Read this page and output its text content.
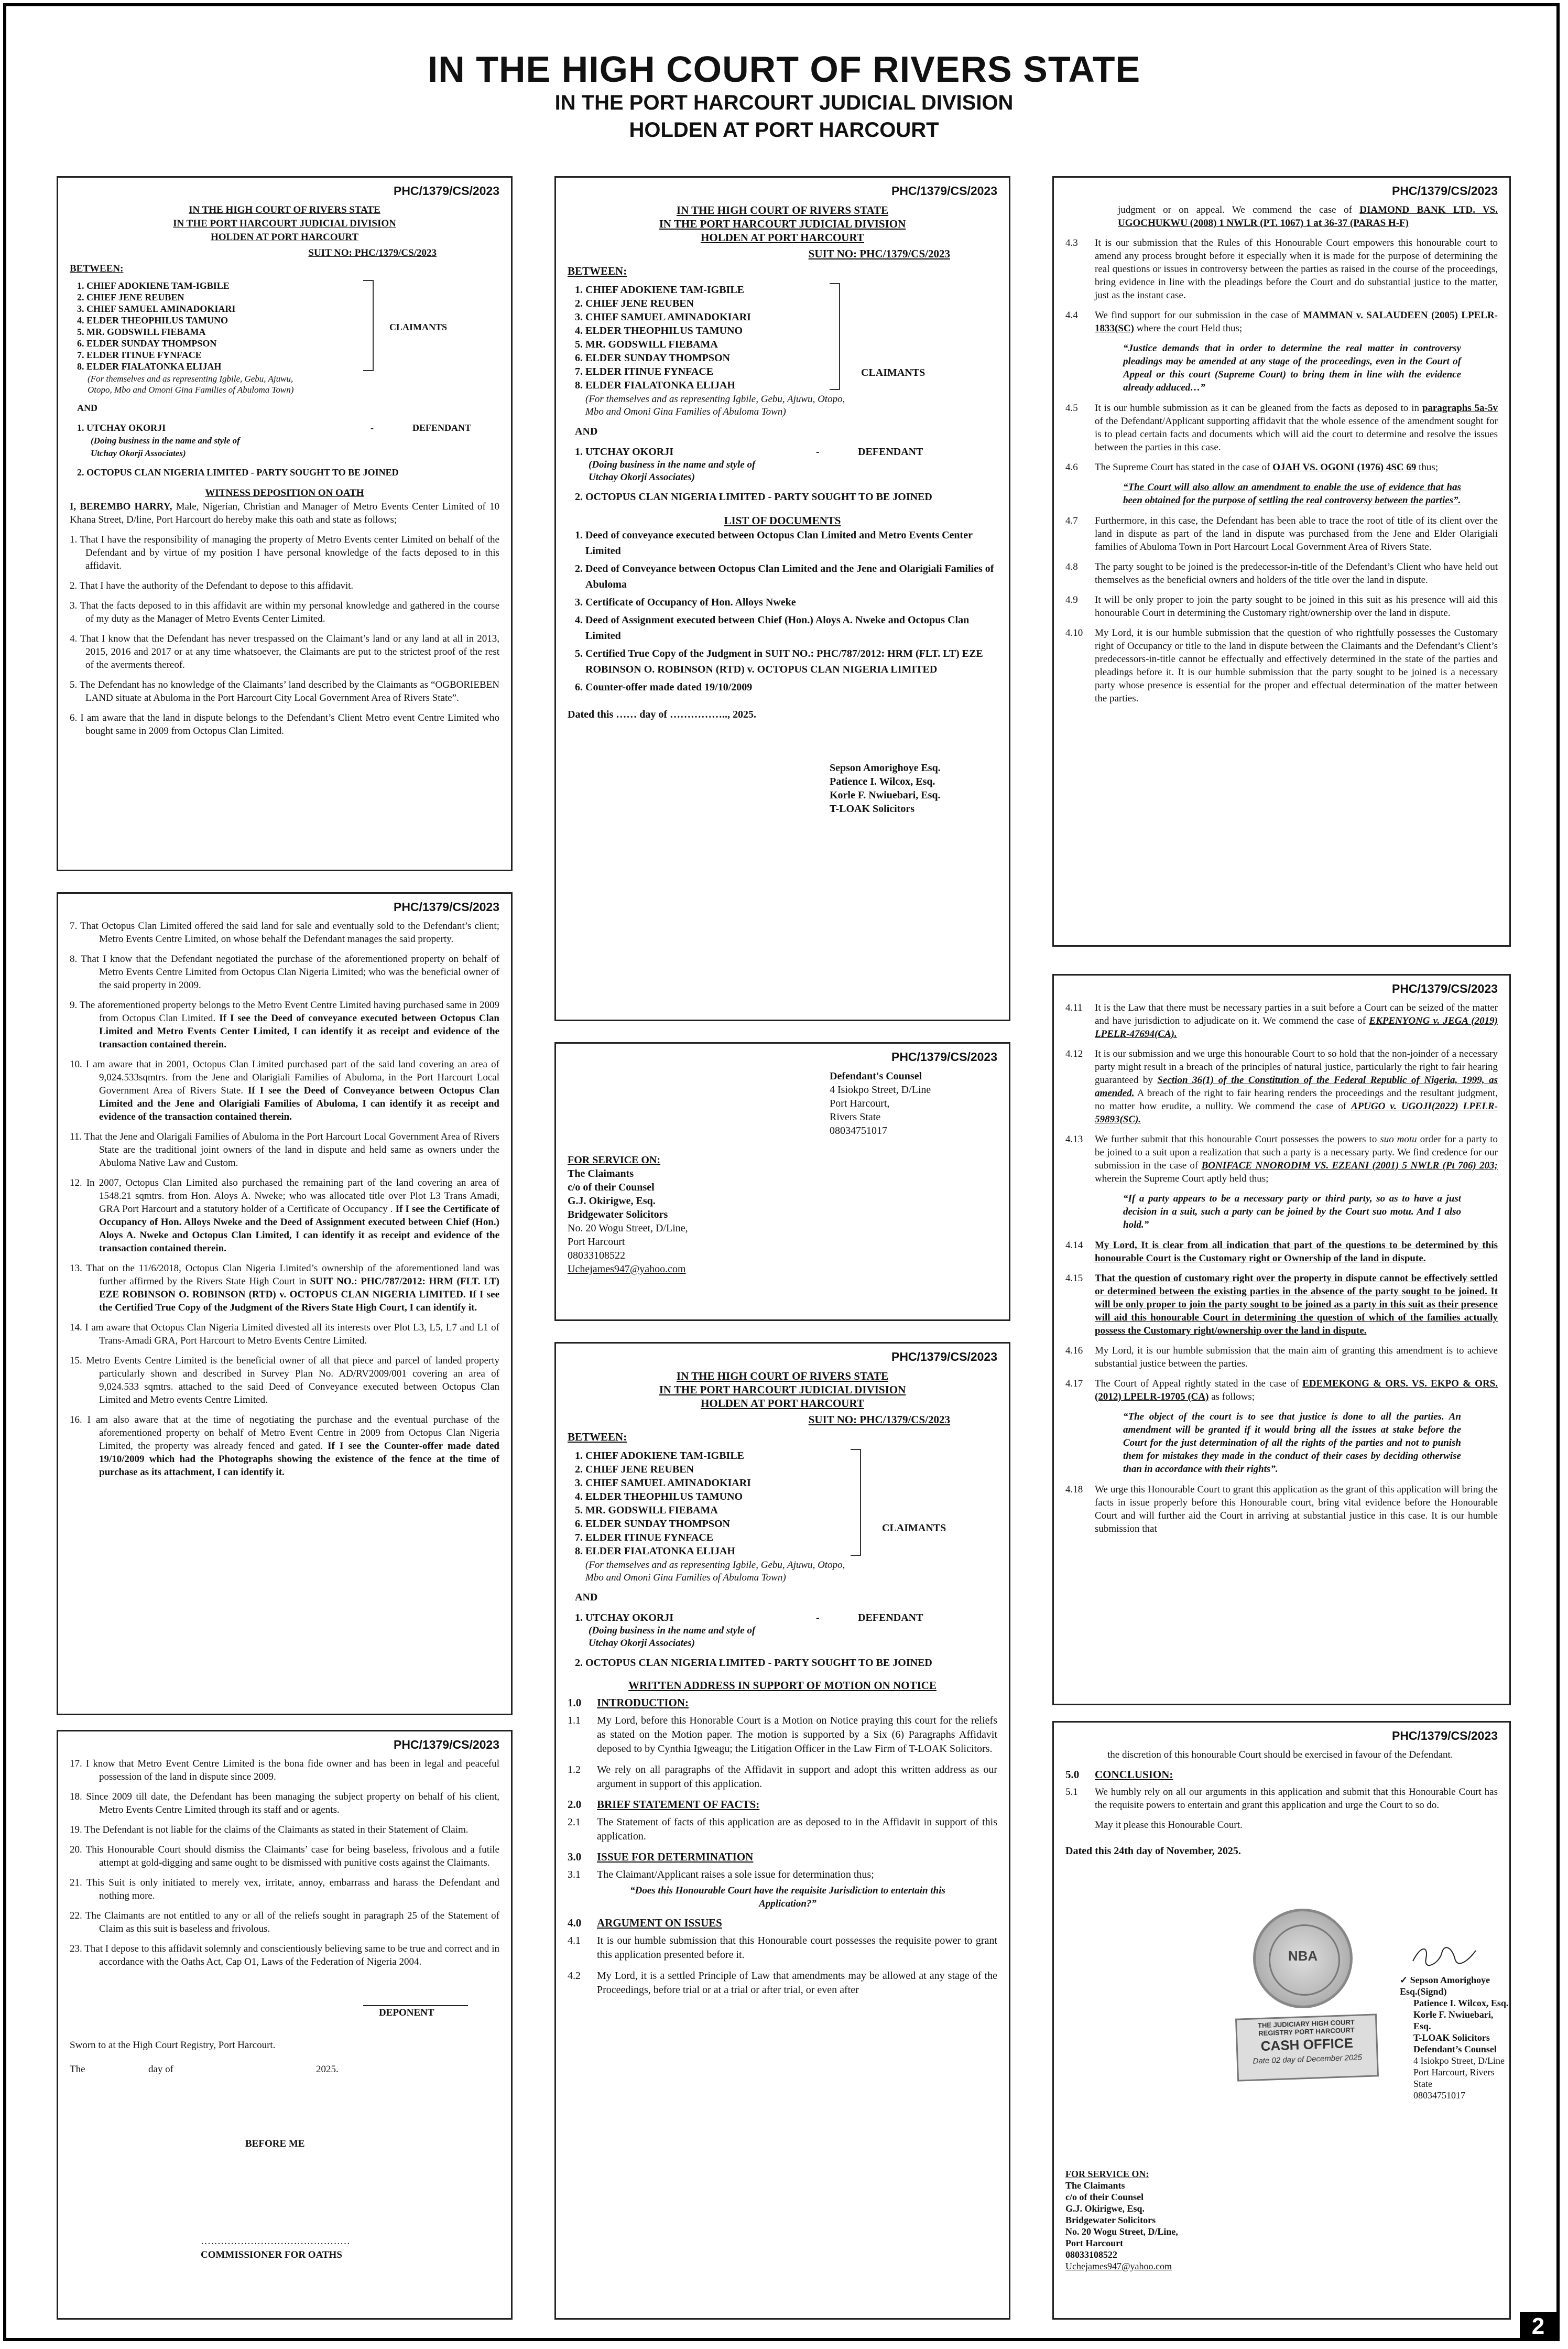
IN THE HIGH COURT OF RIVERS STATE
IN THE PORT HARCOURT JUDICIAL DIVISION
HOLDEN AT PORT HARCOURT
PHC/1379/CS/2023

IN THE HIGH COURT OF RIVERS STATE

IN THE PORT HARCOURT JUDICIAL DIVISION

HOLDEN AT PORT HARCOURT

SUIT NO: PHC/1379/CS/2023
BETWEEN:
1. CHIEF ADOKIENE TAM-IGBILE
2. CHIEF JENE REUBEN
3. CHIEF SAMUEL AMINADOKIARI
4. ELDER THEOPHILUS TAMUNO
5. MR. GODSWILL FIEBAMA
6. ELDER SUNDAY THOMPSON
7. ELDER ITINUE FYNFACE
8. ELDER FIALATONKA ELIJAH
(For themselves and as representing Igbile, Gebu, Ajuwu, Otopo, Mbo and Omoni Gina Families of Abuloma Town)
CLAIMANTS
AND
1. UTCHAY OKORJI	-	DEFENDANT
(Doing business in the name and style of Utchay Okorji Associates)
2. OCTOPUS CLAN NIGERIA LIMITED - PARTY SOUGHT TO BE JOINED

WITNESS DEPOSITION ON OATH

I, BEREMBO HARRY, Male, Nigerian, Christian and Manager of Metro Events Center Limited of 10 Khana Street, D/line, Port Harcourt do hereby make this oath and state as follows;

1. That I have the responsibility of managing the property of Metro Events center Limited on behalf of the Defendant and by virtue of my position I have personal knowledge of the facts deposed to in this affidavit.

2. That I have the authority of the Defendant to depose to this affidavit.

3. That the facts deposed to in this affidavit are within my personal knowledge and gathered in the course of my duty as the Manager of Metro Events Center Limited.

4. That I know that the Defendant has never trespassed on the Claimant’s land or any land at all in 2013, 2015, 2016 and 2017 or at any time whatsoever, the Claimants are put to the strictest proof of the rest of the averments thereof.

5. The Defendant has no knowledge of the Claimants’ land described by the Claimants as “OGBORIEBEN LAND situate at Abuloma in the Port Harcourt City Local Government Area of Rivers State”.

6. I am aware that the land in dispute belongs to the Defendant’s Client Metro event Centre Limited who bought same in 2009 from Octopus Clan Limited.

PHC/1379/CS/2023

7. That Octopus Clan Limited offered the said land for sale and eventually sold to the Defendant’s client; Metro Events Centre Limited, on whose behalf the Defendant manages the said property.

8. That I know that the Defendant negotiated the purchase of the aforementioned property on behalf of Metro Events Centre Limited from Octopus Clan Nigeria Limited; who was the beneficial owner of the said property in 2009.

9. The aforementioned property belongs to the Metro Event Centre Limited having purchased same in 2009 from Octopus Clan Limited. If I see the Deed of conveyance executed between Octopus Clan Limited and Metro Events Center Limited, I can identify it as receipt and evidence of the transaction contained therein.

10. I am aware that in 2001, Octopus Clan Limited purchased part of the said land covering an area of 9,024.533sqmtrs. from the Jene and Olarigiali Families of Abuloma, in the Port Harcourt Local Government Area of Rivers State. If I see the Deed of Conveyance between Octopus Clan Limited and the Jene and Olarigiali Families of Abuloma, I can identify it as receipt and evidence of the transaction contained therein.

11. That the Jene and Olarigali Families of Abuloma in the Port Harcourt Local Government Area of Rivers State are the traditional joint owners of the land in dispute and held same as owners under the Abuloma Native Law and Custom.

12. In 2007, Octopus Clan Limited also purchased the remaining part of the land covering an area of 1548.21 sqmtrs. from Hon. Aloys A. Nweke; who was allocated title over Plot L3 Trans Amadi, GRA Port Harcourt and a statutory holder of a Certificate of Occupancy . If I see the Certificate of Occupancy of Hon. Alloys Nweke and the Deed of Assignment executed between Chief (Hon.) Aloys A. Nweke and Octopus Clan Limited, I can identify it as receipt and evidence of the transaction contained therein.

13. That on the 11/6/2018, Octopus Clan Nigeria Limited’s ownership of the aforementioned land was further affirmed by the Rivers State High Court in SUIT NO.: PHC/787/2012: HRM (FLT. LT) EZE ROBINSON O. ROBINSON (RTD) v. OCTOPUS CLAN NIGERIA LIMITED. If I see the Certified True Copy of the Judgment of the Rivers State High Court, I can identify it.

14. I am aware that Octopus Clan Nigeria Limited divested all its interests over Plot L3, L5, L7 and L1 of Trans-Amadi GRA, Port Harcourt to Metro Events Centre Limited.

15. Metro Events Centre Limited is the beneficial owner of all that piece and parcel of landed property particularly shown and described in Survey Plan No. AD/RV2009/001 covering an area of 9,024.533 sqmtrs. attached to the said Deed of Conveyance executed between Octopus Clan Limited and Metro events Centre Limited.

16. I am also aware that at the time of negotiating the purchase and the eventual purchase of the aforementioned property on behalf of Metro Event Centre in 2009 from Octopus Clan Nigeria Limited, the property was already fenced and gated. If I see the Counter-offer made dated 19/10/2009 which had the Photographs showing the existence of the fence at the time of purchase as its attachment, I can identify it.

PHC/1379/CS/2023

17. I know that Metro Event Centre Limited is the bona fide owner and has been in legal and peaceful possession of the land in dispute since 2009.

18. Since 2009 till date, the Defendant has been managing the subject property on behalf of his client, Metro Events Centre Limited through its staff and or agents.

19. The Defendant is not liable for the claims of the Claimants as stated in their Statement of Claim.

20. This Honourable Court should dismiss the Claimants’ case for being baseless, frivolous and a futile attempt at gold-digging and same ought to be dismissed with punitive costs against the Claimants.

21. This Suit is only initiated to merely vex, irritate, annoy, embarrass and harass the Defendant and nothing more.

22. The Claimants are not entitled to any or all of the reliefs sought in paragraph 25 of the Statement of Claim as this suit is baseless and frivolous.

23. That I depose to this affidavit solemnly and conscientiously believing same to be true and correct and in accordance with the Oaths Act, Cap O1, Laws of the Federation of Nigeria 2004.

DEPONENT

Sworn to at the High Court Registry, Port Harcourt.

The	day of	2025.
BEFORE ME
………………………………………
COMMISSIONER FOR OATHS
PHC/1379/CS/2023

IN THE HIGH COURT OF RIVERS STATE

IN THE PORT HARCOURT JUDICIAL DIVISION

HOLDEN AT PORT HARCOURT

SUIT NO: PHC/1379/CS/2023
BETWEEN:
1. CHIEF ADOKIENE TAM-IGBILE
2. CHIEF JENE REUBEN
3. CHIEF SAMUEL AMINADOKIARI
4. ELDER THEOPHILUS TAMUNO
5. MR. GODSWILL FIEBAMA
6. ELDER SUNDAY THOMPSON
7. ELDER ITINUE FYNFACE
8. ELDER FIALATONKA ELIJAH
(For themselves and as representing Igbile, Gebu, Ajuwu, Otopo, Mbo and Omoni Gina Families of Abuloma Town)
CLAIMANTS
AND
1. UTCHAY OKORJI	-	DEFENDANT
(Doing business in the name and style of Utchay Okorji Associates)
2. OCTOPUS CLAN NIGERIA LIMITED - PARTY SOUGHT TO BE JOINED

LIST OF DOCUMENTS

1. Deed of conveyance executed between Octopus Clan Limited and Metro Events Center Limited
2. Deed of Conveyance between Octopus Clan Limited and the Jene and Olarigiali Families of Abuloma
3. Certificate of Occupancy of Hon. Alloys Nweke
4. Deed of Assignment executed between Chief (Hon.) Aloys A. Nweke and Octopus Clan Limited
5. Certified True Copy of the Judgment in SUIT NO.: PHC/787/2012: HRM (FLT. LT) EZE ROBINSON O. ROBINSON (RTD) v. OCTOPUS CLAN NIGERIA LIMITED
6. Counter-offer made dated 19/10/2009

Dated this …… day of …………….., 2025.

Sepson Amorighoye Esq.
Patience I. Wilcox, Esq.
Korle F. Nwiuebari, Esq.
T-LOAK Solicitors
PHC/1379/CS/2023
Defendant's Counsel
4 Isiokpo Street, D/Line
Port Harcourt,
Rivers State
08034751017
FOR SERVICE ON:
The Claimants
c/o of their Counsel
G.J. Okirigwe, Esq.
Bridgewater Solicitors
No. 20 Wogu Street, D/Line,
Port Harcourt
08033108522
Uchejames947@yahoo.com
PHC/1379/CS/2023

IN THE HIGH COURT OF RIVERS STATE

IN THE PORT HARCOURT JUDICIAL DIVISION

HOLDEN AT PORT HARCOURT

SUIT NO: PHC/1379/CS/2023
BETWEEN:
1. CHIEF ADOKIENE TAM-IGBILE
2. CHIEF JENE REUBEN
3. CHIEF SAMUEL AMINADOKIARI
4. ELDER THEOPHILUS TAMUNO
5. MR. GODSWILL FIEBAMA
6. ELDER SUNDAY THOMPSON
7. ELDER ITINUE FYNFACE
8. ELDER FIALATONKA ELIJAH
(For themselves and as representing Igbile, Gebu, Ajuwu, Otopo, Mbo and Omoni Gina Families of Abuloma Town)
CLAIMANTS
AND
1. UTCHAY OKORJI	-	DEFENDANT
(Doing business in the name and style of Utchay Okorji Associates)
2. OCTOPUS CLAN NIGERIA LIMITED - PARTY SOUGHT TO BE JOINED

WRITTEN ADDRESS IN SUPPORT OF MOTION ON NOTICE

1.0 INTRODUCTION:

1.1 My Lord, before this Honorable Court is a Motion on Notice praying this court for the reliefs as stated on the Motion paper. The motion is supported by a Six (6) Paragraphs Affidavit deposed to by Cynthia Igweagu; the Litigation Officer in the Law Firm of T-LOAK Solicitors.

1.2 We rely on all paragraphs of the Affidavit in support and adopt this written address as our argument in support of this application.

2.0 BRIEF STATEMENT OF FACTS:

2.1 The Statement of facts of this application are as deposed to in the Affidavit in support of this application.

3.0 ISSUE FOR DETERMINATION

3.1 The Claimant/Applicant raises a sole issue for determination thus;

“Does this Honourable Court have the requisite Jurisdiction to entertain this Application?”

4.0 ARGUMENT ON ISSUES

4.1 It is our humble submission that this Honourable court possesses the requisite power to grant this application presented before it.

4.2 My Lord, it is a settled Principle of Law that amendments may be allowed at any stage of the Proceedings, before trial or at a trial or after trial, or even after

PHC/1379/CS/2023

judgment or on appeal. We commend the case of DIAMOND BANK LTD. VS. UGOCHUKWU (2008) 1 NWLR (PT. 1067) 1 at 36-37 (PARAS H-F)

4.3 It is our submission that the Rules of this Honourable Court empowers this honourable court to amend any process brought before it especially when it is made for the purpose of determining the real questions or issues in controversy between the parties as raised in the course of the proceedings, bring evidence in line with the pleadings before the Court and do substantial justice to the matter, just as the instant case.

4.4 We find support for our submission in the case of MAMMAN v. SALAUDEEN (2005) LPELR-1833(SC) where the court Held thus;

“Justice demands that in order to determine the real matter in controversy pleadings may be amended at any stage of the proceedings, even in the Court of Appeal or this court (Supreme Court) to bring them in line with the evidence already adduced…”

4.5 It is our humble submission as it can be gleaned from the facts as deposed to in paragraphs 5a-5v of the Defendant/Applicant supporting affidavit that the whole essence of the amendment sought for is to plead certain facts and documents which will aid the court to determine and resolve the issues between the parties in this case.

4.6 The Supreme Court has stated in the case of OJAH VS. OGONI (1976) 4SC 69 thus;

“The Court will also allow an amendment to enable the use of evidence that has been obtained for the purpose of settling the real controversy between the parties”.

4.7 Furthermore, in this case, the Defendant has been able to trace the root of title of its client over the land in dispute as part of the land in dispute was purchased from the Jene and Elder Olarigiali families of Abuloma Town in Port Harcourt Local Government Area of Rivers State.

4.8 The party sought to be joined is the predecessor-in-title of the Defendant’s Client who have held out themselves as the beneficial owners and holders of the title over the land in dispute.

4.9 It will be only proper to join the party sought to be joined in this suit as his presence will aid this honourable Court in determining the Customary right/ownership over the land in dispute.

4.10 My Lord, it is our humble submission that the question of who rightfully possesses the Customary right of Occupancy or title to the land in dispute between the Claimants and the Defendant’s Client’s predecessors-in-title cannot be effectually and effectively determined in the state of the parties and pleadings before it. It is our humble submission that the party sought to be joined is a necessary party whose presence is essential for the proper and effectual determination of the matter between the parties.

PHC/1379/CS/2023

4.11 It is the Law that there must be necessary parties in a suit before a Court can be seized of the matter and have jurisdiction to adjudicate on it. We commend the case of EKPENYONG v. JEGA (2019) LPELR-47694(CA).

4.12 It is our submission and we urge this honourable Court to so hold that the non-joinder of a necessary party might result in a breach of the principles of natural justice, particularly the right to fair hearing guaranteed by Section 36(1) of the Constitution of the Federal Republic of Nigeria, 1999, as amended. A breach of the right to fair hearing renders the proceedings and the resultant judgment, no matter how erudite, a nullity. We commend the case of APUGO v. UGOJI(2022) LPELR-59893(SC).

4.13 We further submit that this honourable Court possesses the powers to suo motu order for a party to be joined to a suit upon a realization that such a party is a necessary party. We find credence for our submission in the case of BONIFACE NNORODIM VS. EZEANI (2001) 5 NWLR (Pt 706) 203; wherein the Supreme Court aptly held thus;

“If a party appears to be a necessary party or third party, so as to have a just decision in a suit, such a party can be joined by the Court suo motu. And I also hold.”

4.14 My Lord, It is clear from all indication that part of the questions to be determined by this honourable Court is the Customary right or Ownership of the land in dispute.

4.15 That the question of customary right over the property in dispute cannot be effectively settled or determined between the existing parties in the absence of the party sought to be joined. It will be only proper to join the party sought to be joined as a party in this suit as their presence will aid this honourable Court in determining the question of which of the families actually possess the Customary right/ownership over the land in dispute.

4.16 My Lord, it is our humble submission that the main aim of granting this amendment is to achieve substantial justice between the parties.

4.17 The Court of Appeal rightly stated in the case of EDEMEKONG & ORS. VS. EKPO & ORS. (2012) LPELR-19705 (CA) as follows;

“The object of the court is to see that justice is done to all the parties. An amendment will be granted if it would bring all the issues at stake before the Court for the just determination of all the rights of the parties and not to punish them for mistakes they made in the conduct of their cases by deciding otherwise than in accordance with their rights”.

4.18 We urge this Honourable Court to grant this application as the grant of this application will bring the facts in issue properly before this Honourable court, bring vital evidence before the Honourable Court and will further aid the Court in arriving at substantial justice in this case. It is our humble submission that

PHC/1379/CS/2023

the discretion of this honourable Court should be exercised in favour of the Defendant.

5.0 CONCLUSION:

5.1 We humbly rely on all our arguments in this application and submit that this Honourable Court has the requisite powers to entertain and grant this application and urge the Court to so do.

May it please this Honourable Court.

Dated this 24th day of November, 2025.

NBA
THE JUDICIARY HIGH COURT REGISTRY PORT HARCOURT
CASH OFFICE
Date 02 day of December 2025
✓ Sepson Amorighoye Esq.(Signd)
Patience I. Wilcox, Esq.
Korle F. Nwiuebari, Esq.
T-LOAK Solicitors
Defendant’s Counsel
4 Isiokpo Street, D/Line
Port Harcourt, Rivers State
08034751017
FOR SERVICE ON:
The Claimants
c/o of their Counsel
G.J. Okirigwe, Esq.
Bridgewater Solicitors
No. 20 Wogu Street, D/Line,
Port Harcourt
08033108522
Uchejames947@yahoo.com
2
